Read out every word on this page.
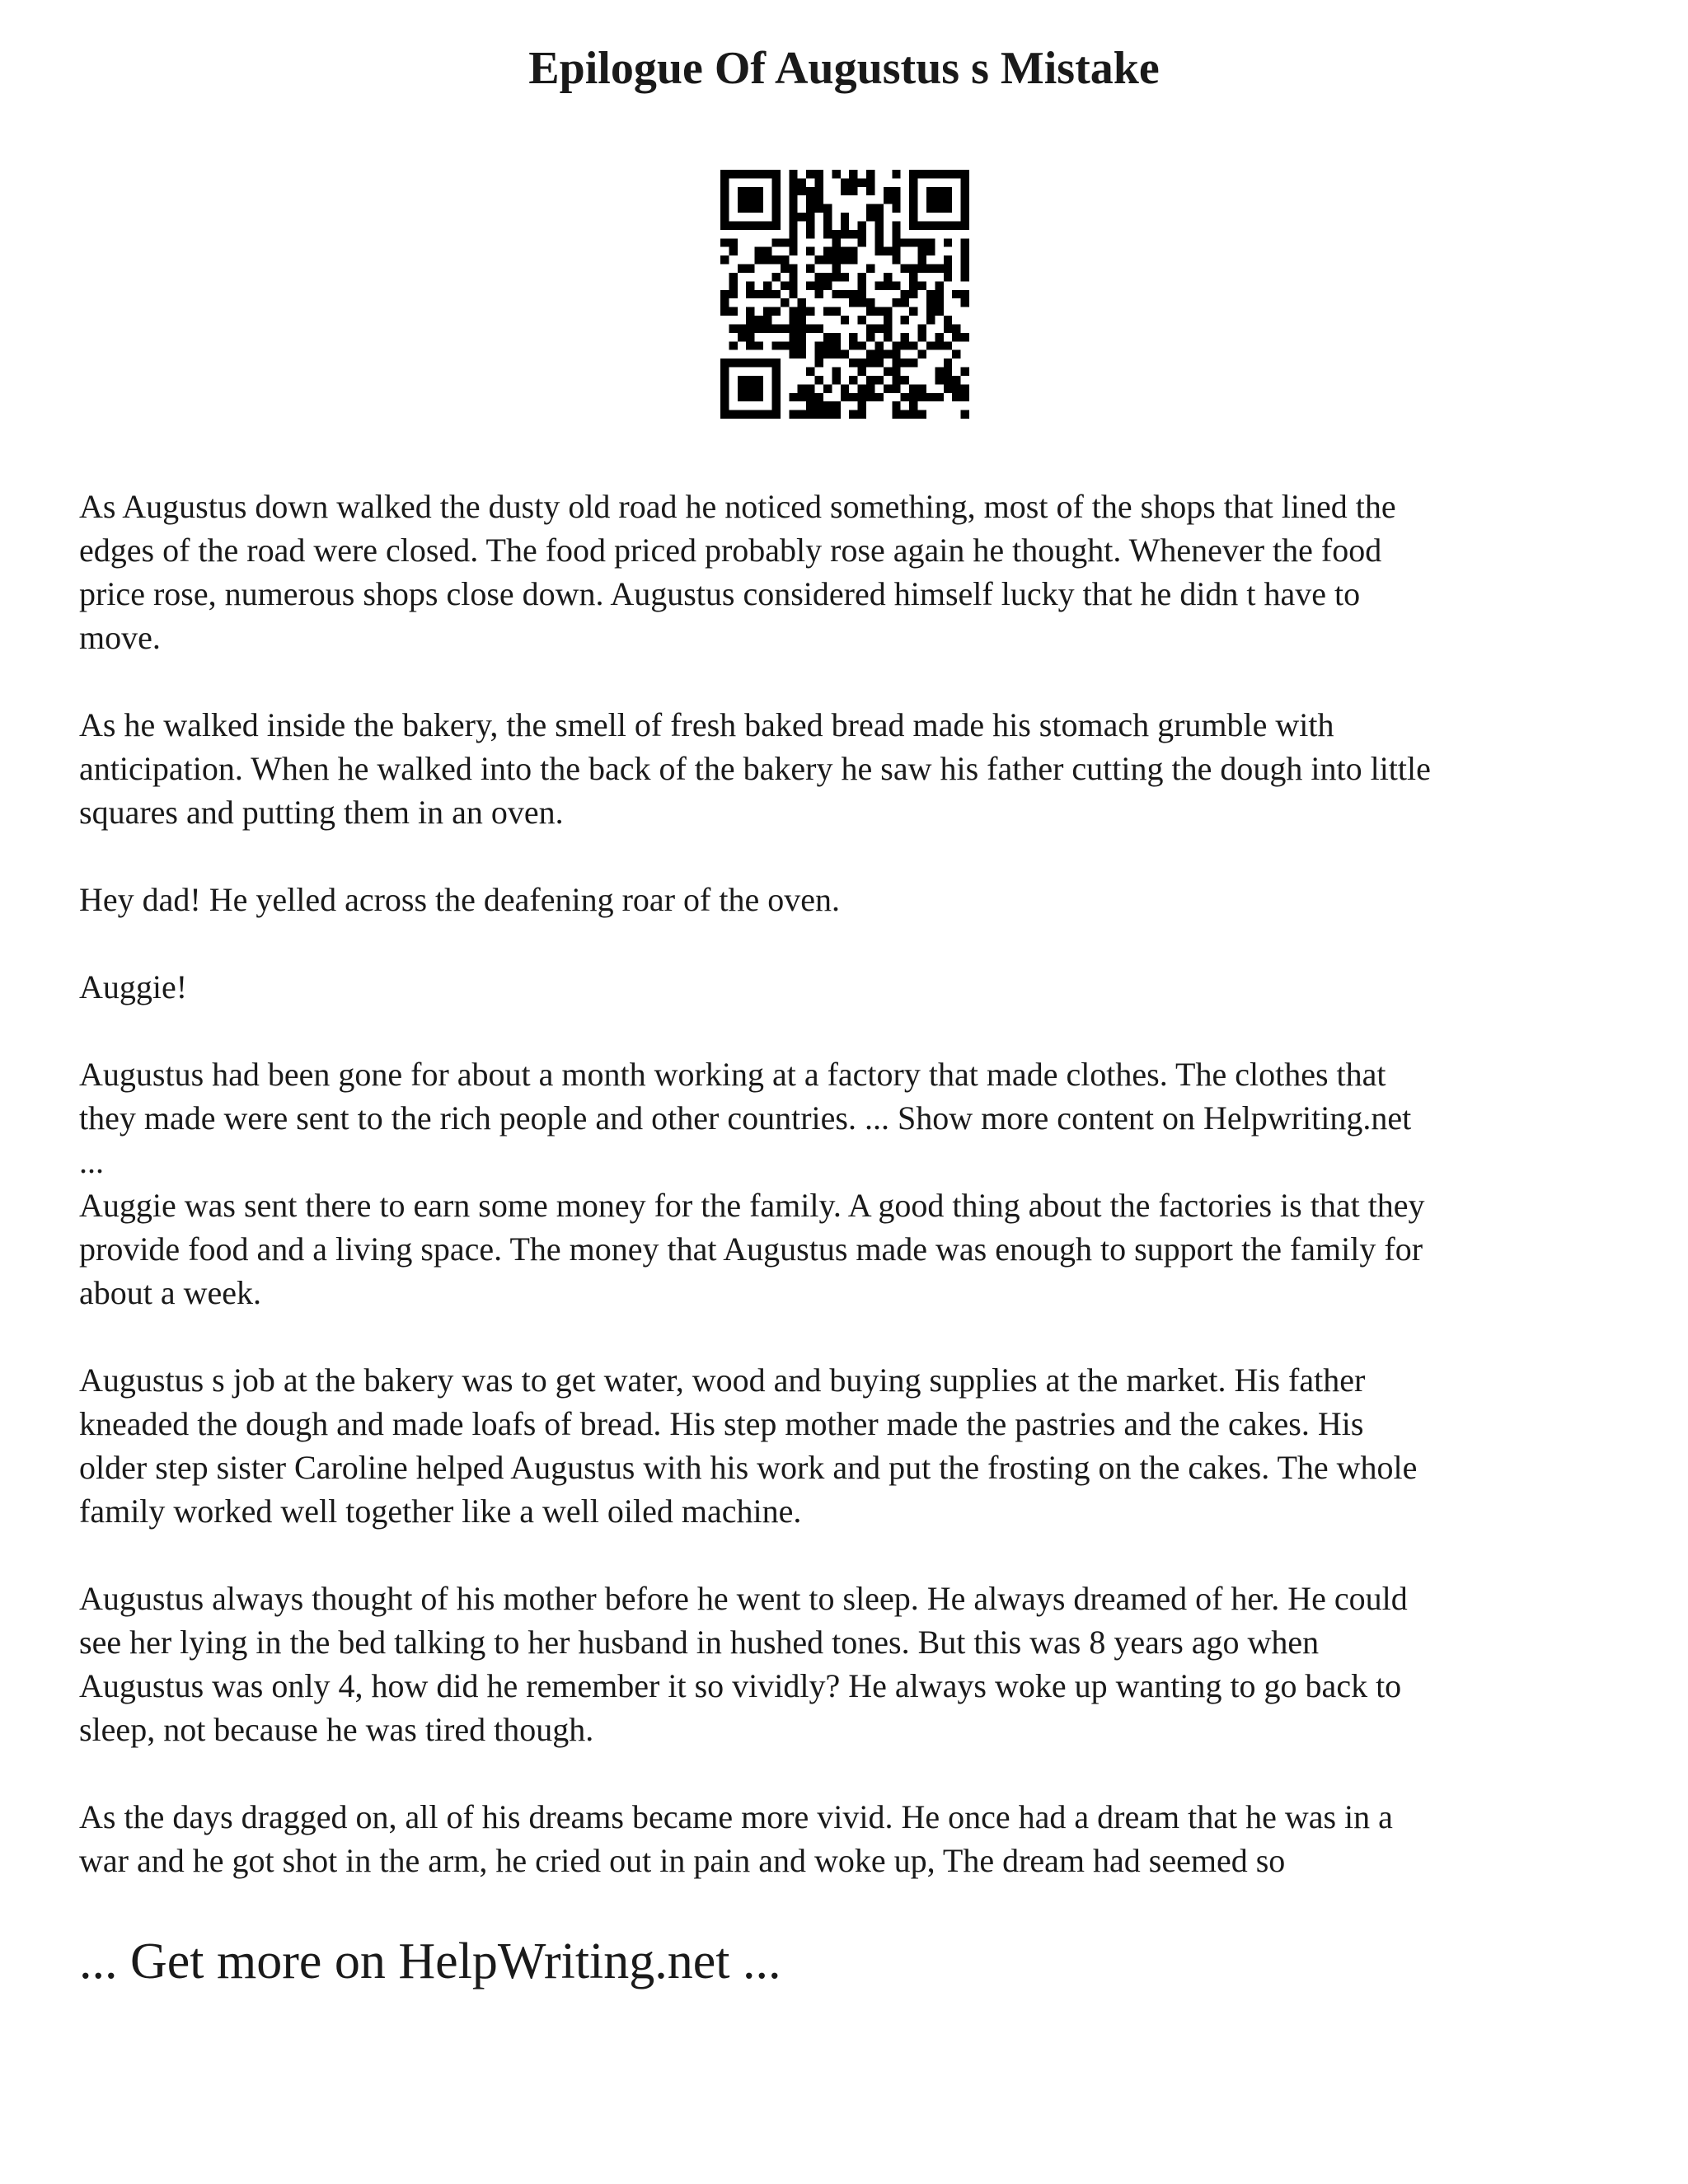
Epilogue Of Augustus s Mistake

As Augustus down walked the dusty old road he noticed something, most of the shops that lined the
edges of the road were closed. The food priced probably rose again he thought. Whenever the food
price rose, numerous shops close down. Augustus considered himself lucky that he didn t have to
move.

As he walked inside the bakery, the smell of fresh baked bread made his stomach grumble with
anticipation. When he walked into the back of the bakery he saw his father cutting the dough into little
squares and putting them in an oven.

Hey dad! He yelled across the deafening roar of the oven.

Auggie!

Augustus had been gone for about a month working at a factory that made clothes. The clothes that
they made were sent to the rich people and other countries. ... Show more content on Helpwriting.net
...
Auggie was sent there to earn some money for the family. A good thing about the factories is that they
provide food and a living space. The money that Augustus made was enough to support the family for
about a week.

Augustus s job at the bakery was to get water, wood and buying supplies at the market. His father
kneaded the dough and made loafs of bread. His step mother made the pastries and the cakes. His
older step sister Caroline helped Augustus with his work and put the frosting on the cakes. The whole
family worked well together like a well oiled machine.

Augustus always thought of his mother before he went to sleep. He always dreamed of her. He could
see her lying in the bed talking to her husband in hushed tones. But this was 8 years ago when
Augustus was only 4, how did he remember it so vividly? He always woke up wanting to go back to
sleep, not because he was tired though.

As the days dragged on, all of his dreams became more vivid. He once had a dream that he was in a
war and he got shot in the arm, he cried out in pain and woke up, The dream had seemed so

... Get more on HelpWriting.net ...
